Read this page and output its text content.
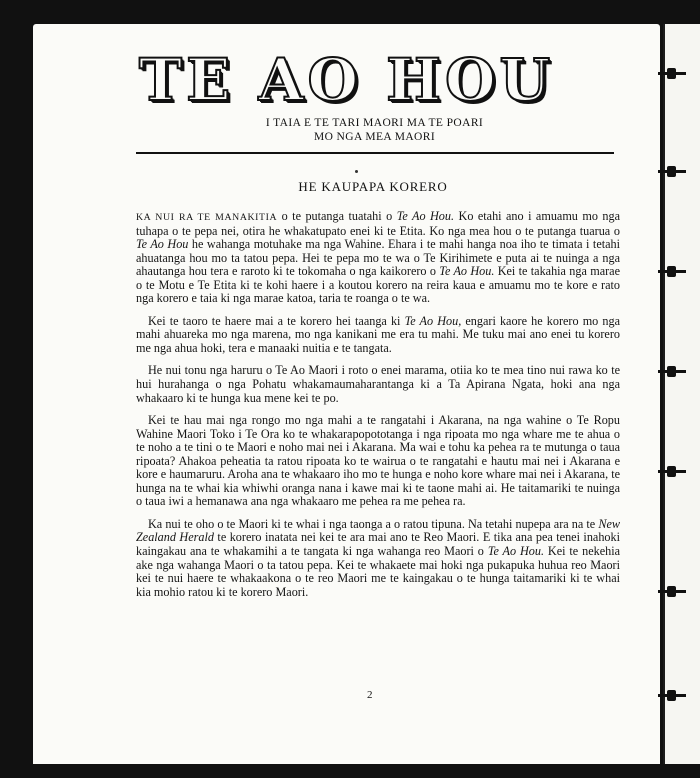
TE AO HOU
I TAIA E TE TARI MAORI MA TE POARI
MO NGA MEA MAORI
HE KAUPAPA KORERO

KA NUI RA TE MANAKITIA o te putanga tuatahi o Te Ao Hou. Ko etahi ano i amuamu mo nga tuhapa o te pepa nei, otira he whakatupato enei ki te Etita. Ko nga mea hou o te putanga tuarua o Te Ao Hou he wahanga motuhake ma nga Wahine. Ehara i te mahi hanga noa iho te timata i tetahi ahuatanga hou mo ta tatou pepa. Hei te pepa mo te wa o Te Kirihimete e puta ai te nuinga a nga ahautanga hou tera e raroto ki te tokomaha o nga kaikorero o Te Ao Hou. Kei te takahia nga marae o te Motu e Te Etita ki te kohi haere i a koutou korero na reira kaua e amuamu mo te kore e rato nga korero e taia ki nga marae katoa, taria te roanga o te wa.

Kei te taoro te haere mai a te korero hei taanga ki Te Ao Hou, engari kaore he korero mo nga mahi ahuareka mo nga marena, mo nga kanikani me era tu mahi. Me tuku mai ano enei tu korero me nga ahua hoki, tera e manaaki nuitia e te tangata.

He nui tonu nga haruru o Te Ao Maori i roto o enei marama, otiia ko te mea tino nui rawa ko te hui hurahanga o nga Pohatu whakamaumaharantanga ki a Ta Apirana Ngata, hoki ana nga whakaaro ki te hunga kua mene kei te po.

Kei te hau mai nga rongo mo nga mahi a te rangatahi i Akarana, na nga wahine o Te Ropu Wahine Maori Toko i Te Ora ko te whakarapopototanga i nga ripoata mo nga whare me te ahua o te noho a te tini o te Maori e noho mai nei i Akarana. Ma wai e tohu ka pehea ra te mutunga o taua ripoata? Ahakoa peheatia ta ratou ripoata ko te wairua o te rangatahi e hautu mai nei i Akarana e kore e haumaruru. Aroha ana te whakaaro iho mo te hunga e noho kore whare mai nei i Akarana, te hunga na te whai kia whiwhi oranga nana i kawe mai ki te taone mahi ai. He taitamariki te nuinga o taua iwi a hemanawa ana nga whakaaro me pehea ra me pehea ra.

Ka nui te oho o te Maori ki te whai i nga taonga a o ratou tipuna. Na tetahi nupepa ara na te New Zealand Herald te korero inatata nei kei te ara mai ano te Reo Maori. E tika ana pea tenei inahoki kaingakau ana te whakamihi a te tangata ki nga wahanga reo Maori o Te Ao Hou. Kei te nekehia ake nga wahanga Maori o ta tatou pepa. Kei te whakaete mai hoki nga pukapuka huhua reo Maori kei te nui haere te whakaakona o te reo Maori me te kaingakau o te hunga taitamariki ki te whai kia mohio ratou ki te korero Maori.

2
